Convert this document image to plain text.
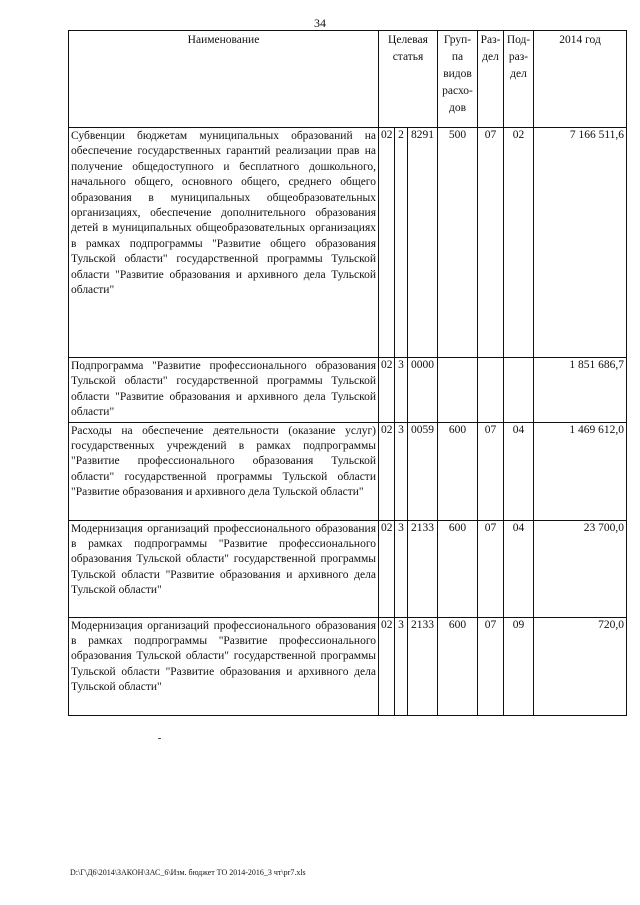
34
Наименование	Целевая статья			Груп-па видов расхо-дов	Раз-дел	Под-раз-дел	2014 год
Субвенции бюджетам муниципальных образований на обеспечение государственных гарантий реализации прав на получение общедоступного и бесплатного дошкольного, начального общего, основного общего, среднего общего образования в муниципальных общеобразовательных организациях, обеспечение дополнительного образования детей в муниципальных общеобразовательных организациях в рамках подпрограммы "Развитие общего образования Тульской области" государственной программы Тульской области "Развитие образования и архивного дела Тульской области"	02	2	8291	500	07	02	7 166 511,6
Подпрограмма "Развитие профессионального образования Тульской области" государственной программы Тульской области "Развитие образования и архивного дела Тульской области"	02	3	0000				1 851 686,7
Расходы на обеспечение деятельности (оказание услуг) государственных учреждений в рамках подпрограммы "Развитие профессионального образования Тульской области" государственной программы Тульской области "Развитие образования и архивного дела Тульской области"	02	3	0059	600	07	04	1 469 612,0
Модернизация организаций профессионального образования в рамках подпрограммы "Развитие профессионального образования Тульской области" государственной программы Тульской области "Развитие образования и архивного дела Тульской области"	02	3	2133	600	07	04	23 700,0
Модернизация организаций профессионального образования в рамках подпрограммы "Развитие профессионального образования Тульской области" государственной программы Тульской области "Развитие образования и архивного дела Тульской области"	02	3	2133	600	07	09	720,0
D:\Г\Д6\2014\ЗАКОН\ЗАС_6\Изм. бюджет ТО 2014-2016_3 чт\pr7.xls
